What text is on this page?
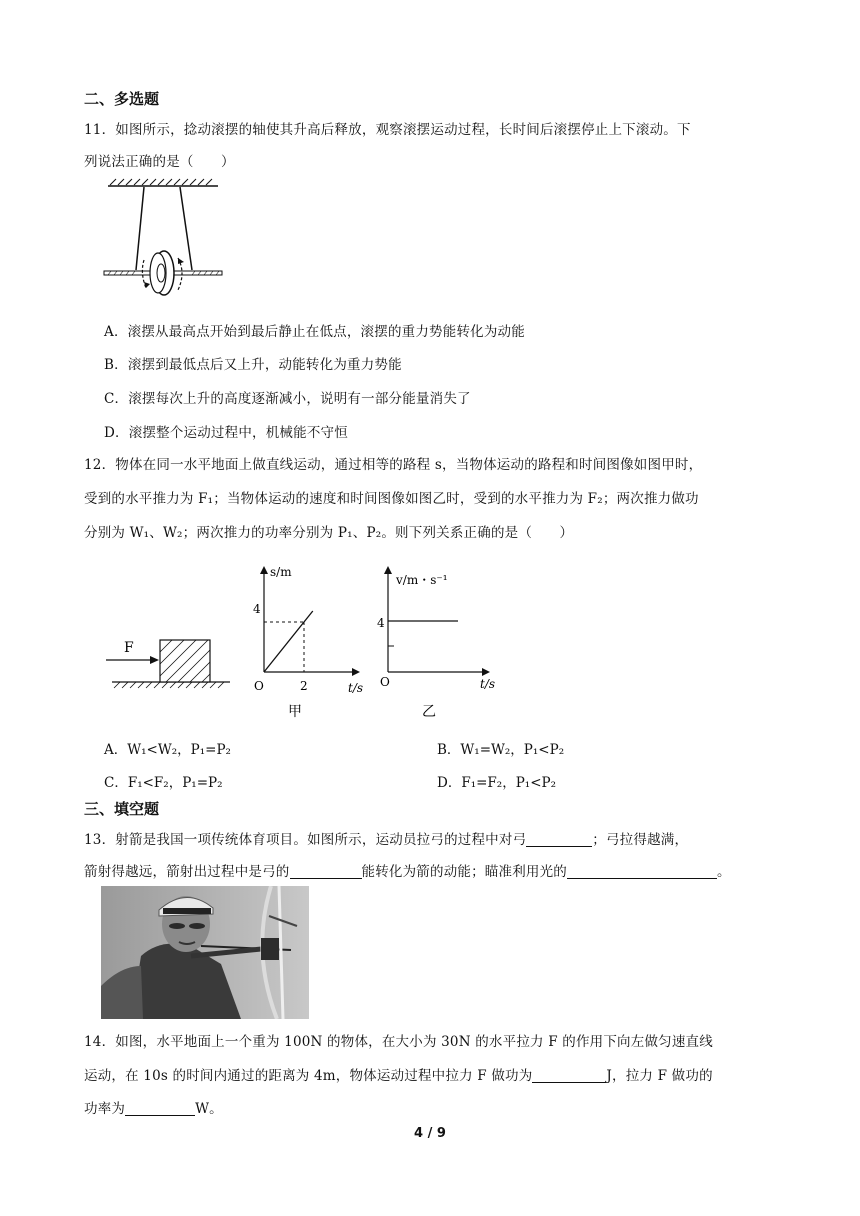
二、多选题
11．如图所示，捻动滚摆的轴使其升高后释放，观察滚摆运动过程，长时间后滚摆停止上下滚动。下
列说法正确的是（　　）
A．滚摆从最高点开始到最后静止在低点，滚摆的重力势能转化为动能
B．滚摆到最低点后又上升，动能转化为重力势能
C．滚摆每次上升的高度逐渐减小，说明有一部分能量消失了
D．滚摆整个运动过程中，机械能不守恒
12．物体在同一水平地面上做直线运动，通过相等的路程 s，当物体运动的路程和时间图像如图甲时，
受到的水平推力为 F₁；当物体运动的速度和时间图像如图乙时，受到的水平推力为 F₂；两次推力做功
分别为 W₁、W₂；两次推力的功率分别为 P₁、P₂。则下列关系正确的是（　　）
F
s/m
t/s
O
4
2
甲
v/m・s⁻¹
t/s
O
4
乙
A．W₁<W₂，P₁=P₂	B．W₁=W₂，P₁<P₂
C．F₁<F₂，P₁=P₂	D．F₁=F₂，P₁<P₂
三、填空题
13．射箭是我国一项传统体育项目。如图所示，运动员拉弓的过程中对弓	；弓拉得越满，
箭射得越远，箭射出过程中是弓的	能转化为箭的动能；瞄准利用光的	。
14．如图，水平地面上一个重为 100N 的物体，在大小为 30N 的水平拉力 F 的作用下向左做匀速直线
运动，在 10s 的时间内通过的距离为 4m，物体运动过程中拉力 F 做功为	J，拉力 F 做功的
功率为	W。
4 / 9
